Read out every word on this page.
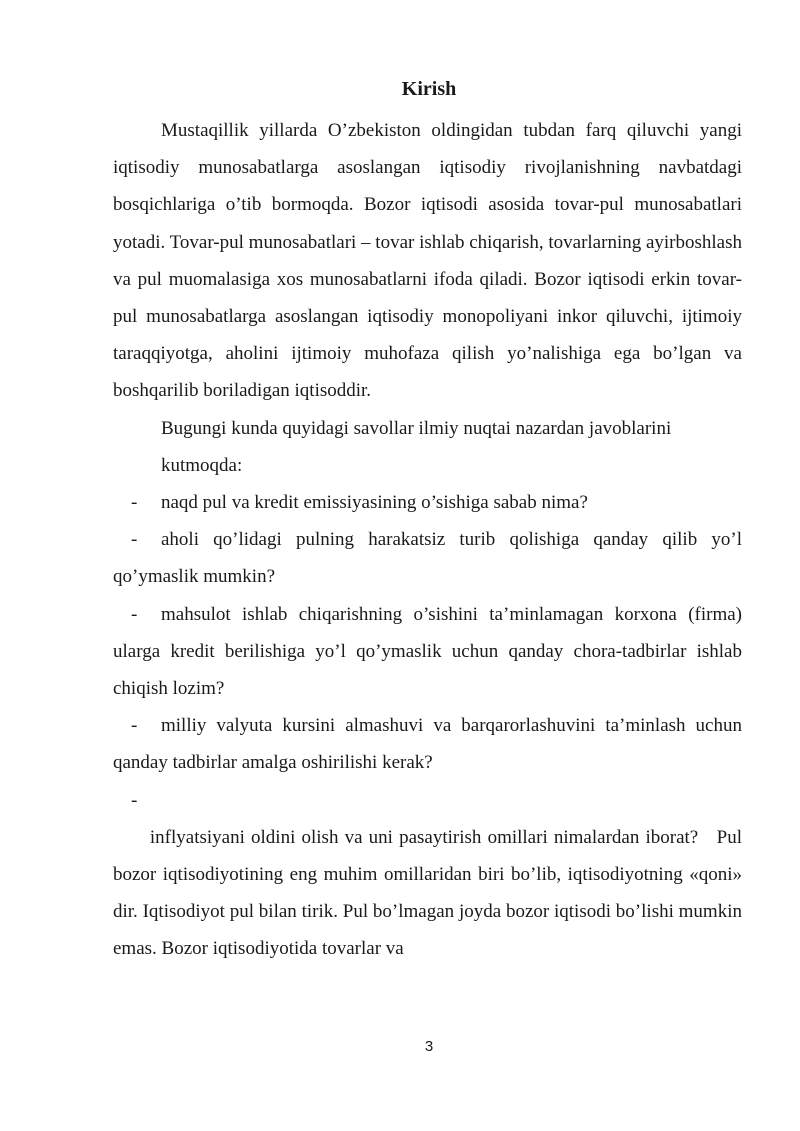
Kirish

Mustaqillik yillarda O’zbekiston oldingidan tubdan farq qiluvchi yangi iqtisodiy munosabatlarga asoslangan iqtisodiy rivojlanishning navbatdagi bosqichlariga o’tib bormoqda. Bozor iqtisodi asosida tovar-pul munosabatlari yotadi. Tovar-pul munosabatlari – tovar ishlab chiqarish, tovarlarning ayirboshlash va pul muomalasiga xos munosabatlarni ifoda qiladi. Bozor iqtisodi erkin tovar-pul munosabatlarga asoslangan iqtisodiy monopoliyani inkor qiluvchi, ijtimoiy taraqqiyotga, aholini ijtimoiy muhofaza qilish yo’nalishiga ega bo’lgan va boshqarilib boriladigan iqtisoddir.

Bugungi kunda quyidagi savollar ilmiy nuqtai nazardan javoblarini kutmoqda:

- naqd pul va kredit emissiyasining o’sishiga sabab nima?

- aholi qo’lidagi pulning harakatsiz turib qolishiga qanday qilib yo’l qo’ymaslik mumkin?

- mahsulot ishlab chiqarishning o’sishini ta’minlamagan korxona (firma) ularga kredit berilishiga yo’l qo’ymaslik uchun qanday chora-tadbirlar ishlab chiqish lozim?

- milliy valyuta kursini almashuvi va barqarorlashuvini ta’minlash uchun qanday tadbirlar amalga oshirilishi kerak?

-
inflyatsiyani oldini olish va uni pasaytirish omillari nimalardan iborat?   Pul bozor iqtisodiyotining eng muhim omillaridan biri bo’lib, iqtisodiyotning «qoni» dir. Iqtisodiyot pul bilan tirik. Pul bo’lmagan joyda bozor iqtisodi bo’lishi mumkin emas. Bozor iqtisodiyotida tovarlar va

3
